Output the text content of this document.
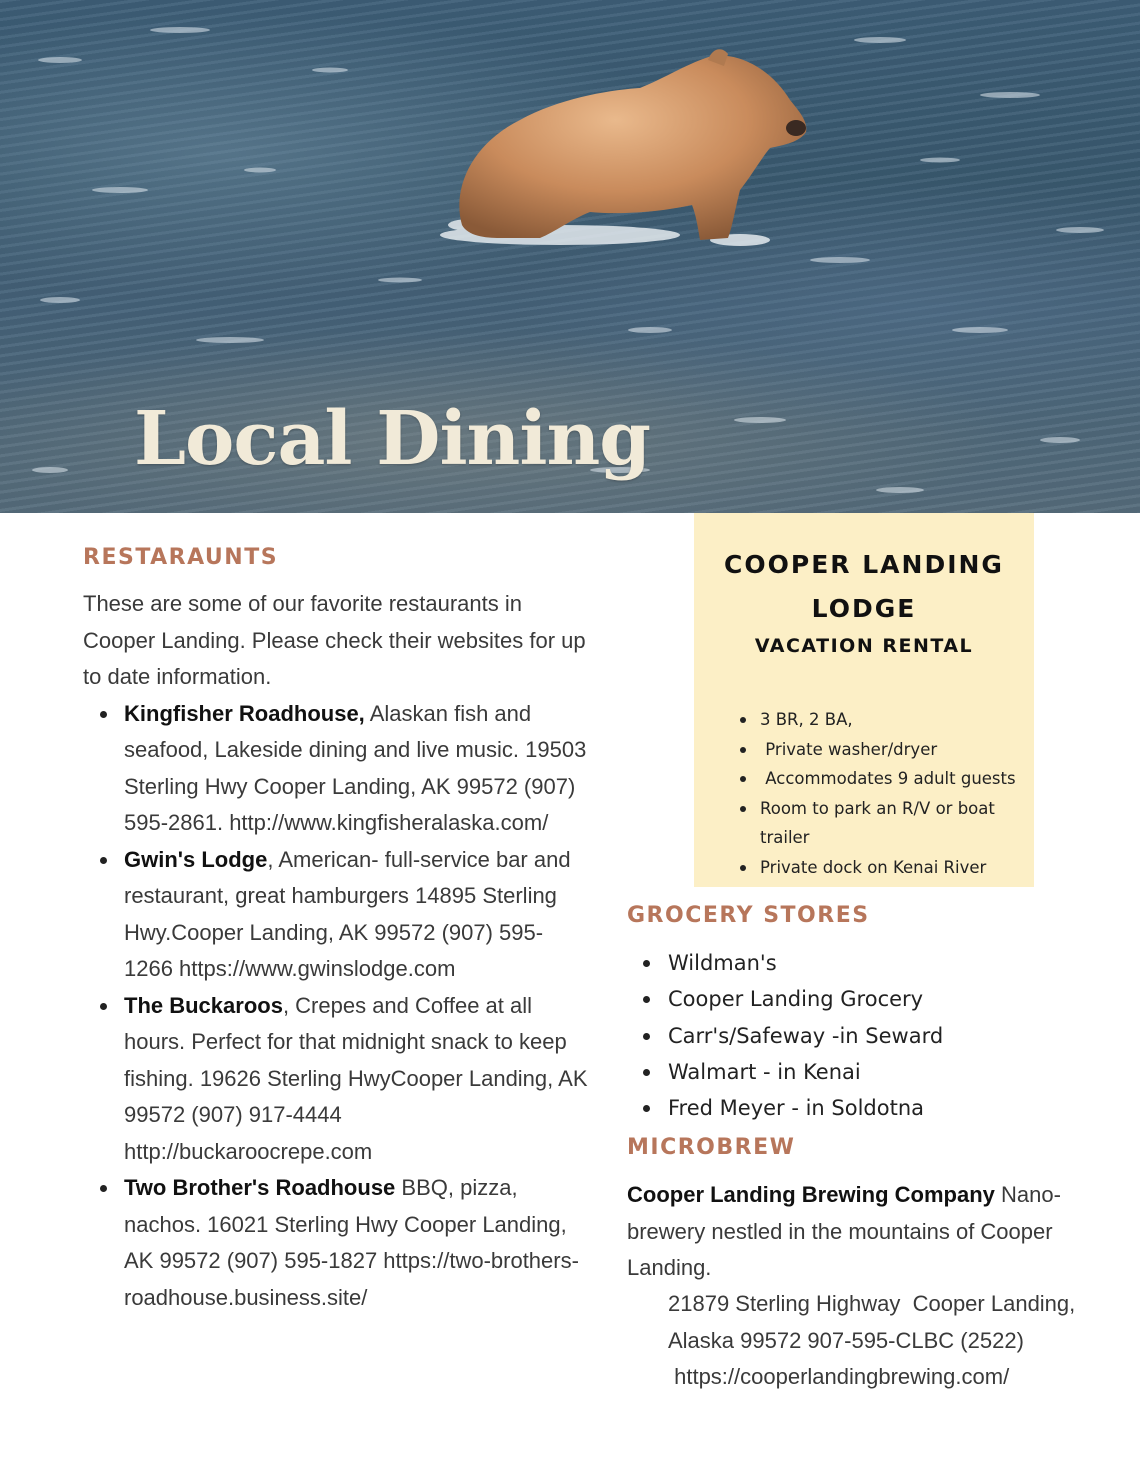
Local Dining
RESTARAUNTS

These are some of our favorite restaurants in Cooper Landing. Please check their websites for up to date information.

Kingfisher Roadhouse, Alaskan fish and seafood, Lakeside dining and live music. 19503 Sterling Hwy Cooper Landing, AK 99572 (907) 595-2861. http://www.kingfisheralaska.com/
Gwin's Lodge, American- full-service bar and restaurant, great hamburgers 14895 Sterling Hwy.Cooper Landing, AK 99572 (907) 595-1266 https://www.gwinslodge.com
The Buckaroos, Crepes and Coffee at all hours. Perfect for that midnight snack to keep fishing. 19626 Sterling HwyCooper Landing, AK 99572 (907) 917-4444 http://buckaroocrepe.com
Two Brother's Roadhouse BBQ, pizza, nachos. 16021 Sterling Hwy Cooper Landing, AK 99572 (907) 595-1827 https://two-brothers-roadhouse.business.site/
COOPER LANDING
LODGE
VACATION RENTAL
3 BR, 2 BA,
Private washer/dryer
Accommodates 9 adult guests
Room to park an R/V or boat trailer
Private dock on Kenai River
GROCERY STORES
Wildman's
Cooper Landing Grocery
Carr's/Safeway -in Seward
Walmart - in Kenai
Fred Meyer - in Soldotna
MICROBREW

Cooper Landing Brewing Company Nano-brewery nestled in the mountains of Cooper Landing.

21879 Sterling Highway  Cooper Landing, Alaska 99572 907-595-CLBC (2522)
https://cooperlandingbrewing.com/
